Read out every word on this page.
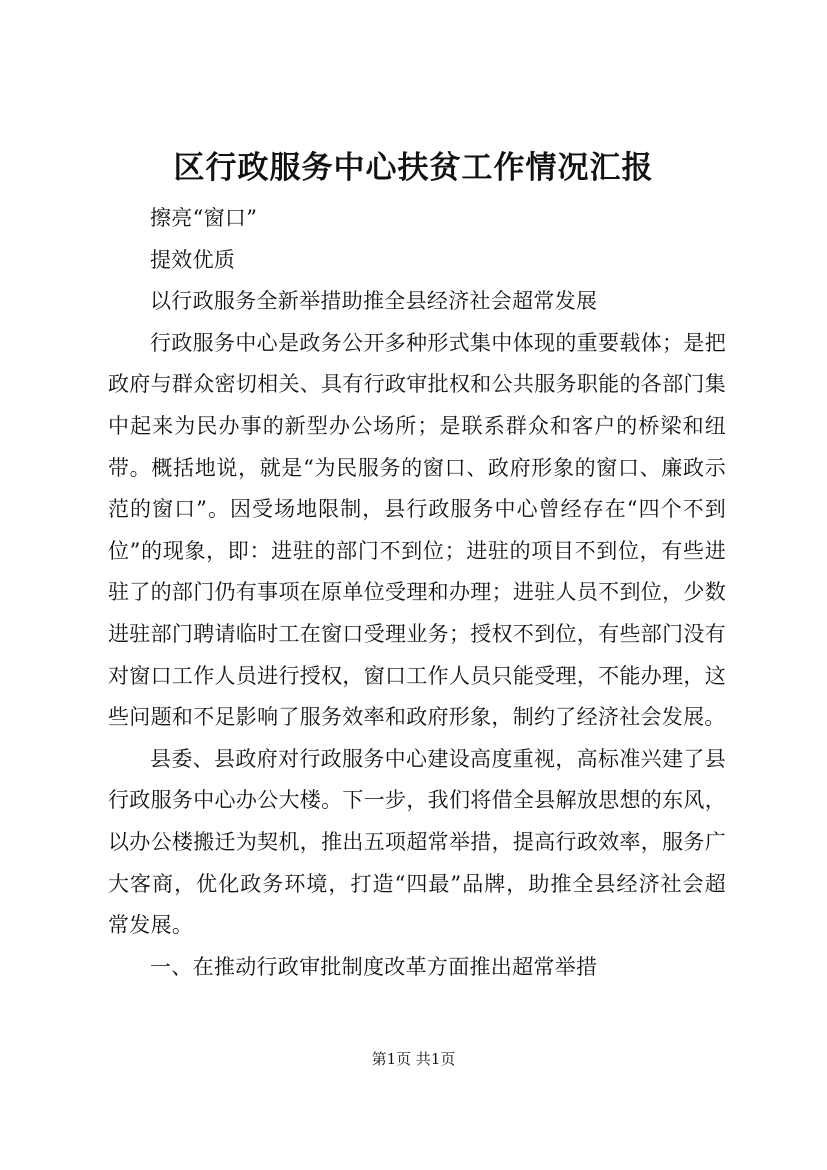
区行政服务中心扶贫工作情况汇报

擦亮“窗口”

提效优质

以行政服务全新举措助推全县经济社会超常发展

行政服务中心是政务公开多种形式集中体现的重要载体；是把政府与群众密切相关、具有行政审批权和公共服务职能的各部门集中起来为民办事的新型办公场所；是联系群众和客户的桥梁和纽带。概括地说，就是“为民服务的窗口、政府形象的窗口、廉政示范的窗口”。因受场地限制，县行政服务中心曾经存在“四个不到位”的现象，即：进驻的部门不到位；进驻的项目不到位，有些进驻了的部门仍有事项在原单位受理和办理；进驻人员不到位，少数进驻部门聘请临时工在窗口受理业务；授权不到位，有些部门没有对窗口工作人员进行授权，窗口工作人员只能受理，不能办理，这些问题和不足影响了服务效率和政府形象，制约了经济社会发展。

县委、县政府对行政服务中心建设高度重视，高标准兴建了县行政服务中心办公大楼。下一步，我们将借全县解放思想的东风，以办公楼搬迁为契机，推出五项超常举措，提高行政效率，服务广大客商，优化政务环境，打造“四最”品牌，助推全县经济社会超常发展。

一、在推动行政审批制度改革方面推出超常举措

第1页 共1页
